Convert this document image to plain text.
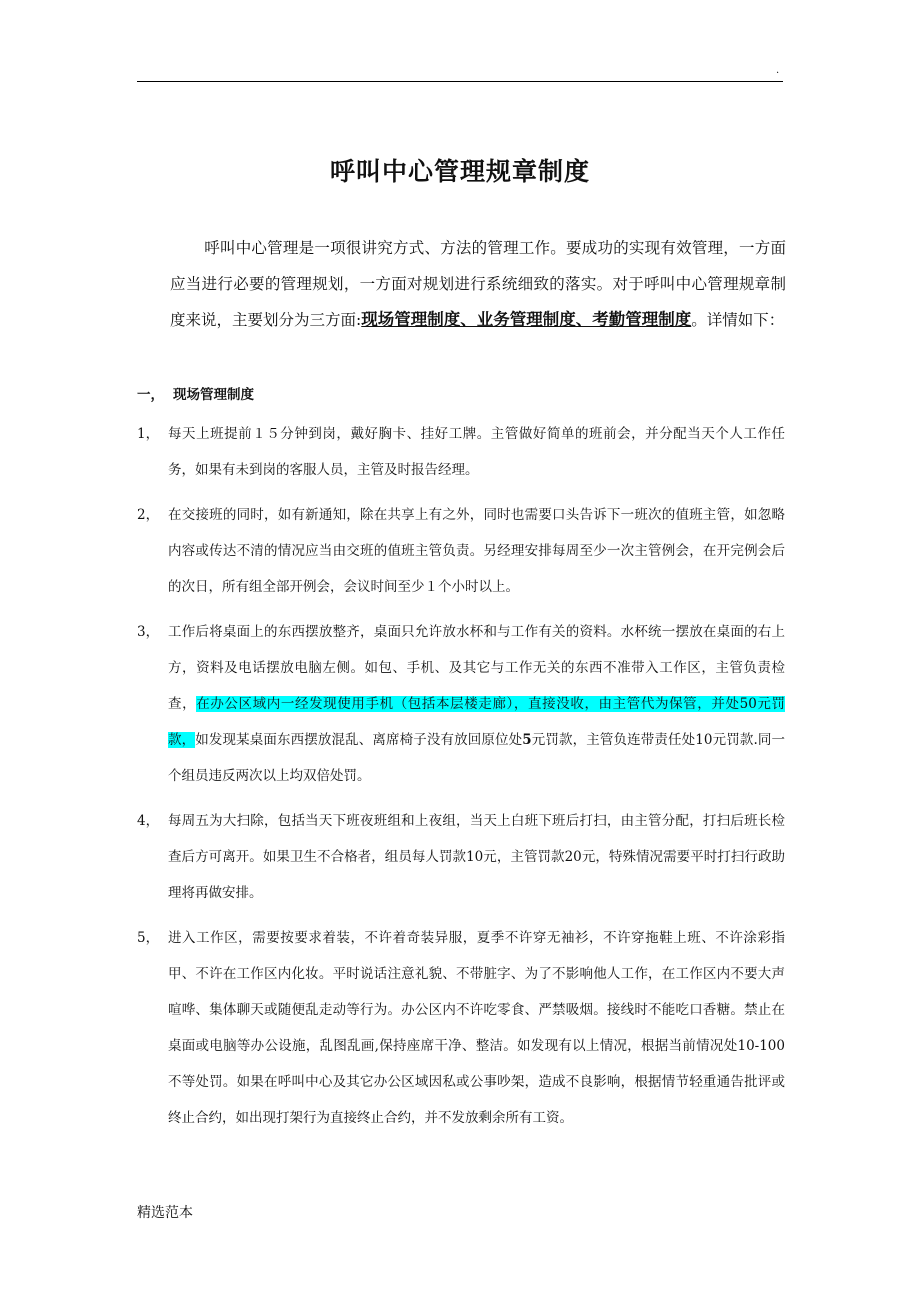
.
呼叫中心管理规章制度
呼叫中心管理是一项很讲究方式、方法的管理工作。要成功的实现有效管理，一方面应当进行必要的管理规划，一方面对规划进行系统细致的落实。对于呼叫中心管理规章制度来说，主要划分为三方面:现场管理制度、业务管理制度、考勤管理制度。详情如下：
一， 现场管理制度
1， 每天上班提前１５分钟到岗，戴好胸卡、挂好工牌。主管做好简单的班前会，并分配当天个人工作任务，如果有未到岗的客服人员，主管及时报告经理。
2， 在交接班的同时，如有新通知，除在共享上有之外，同时也需要口头告诉下一班次的值班主管，如忽略内容或传达不清的情况应当由交班的值班主管负责。另经理安排每周至少一次主管例会，在开完例会后的次日，所有组全部开例会，会议时间至少１个小时以上。
3， 工作后将桌面上的东西摆放整齐，桌面只允许放水杯和与工作有关的资料。水杯统一摆放在桌面的右上方，资料及电话摆放电脑左侧。如包、手机、及其它与工作无关的东西不准带入工作区，主管负责检查，在办公区域内一经发现使用手机（包括本层楼走廊），直接没收，由主管代为保管，并处50元罚款，如发现某桌面东西摆放混乱、离席椅子没有放回原位处5元罚款，主管负连带责任处10元罚款.同一个组员违反两次以上均双倍处罚。
4， 每周五为大扫除，包括当天下班夜班组和上夜组，当天上白班下班后打扫，由主管分配，打扫后班长检查后方可离开。如果卫生不合格者，组员每人罚款10元，主管罚款20元，特殊情况需要平时打扫行政助理将再做安排。
5， 进入工作区，需要按要求着装，不许着奇装异服，夏季不许穿无袖衫，不许穿拖鞋上班、不许涂彩指甲、不许在工作区内化妆。平时说话注意礼貌、不带脏字、为了不影响他人工作，在工作区内不要大声喧哗、集体聊天或随便乱走动等行为。办公区内不许吃零食、严禁吸烟。接线时不能吃口香糖。禁止在桌面或电脑等办公设施，乱图乱画,保持座席干净、整洁。如发现有以上情况，根据当前情况处10-100不等处罚。如果在呼叫中心及其它办公区域因私或公事吵架，造成不良影响，根据情节轻重通告批评或终止合约，如出现打架行为直接终止合约，并不发放剩余所有工资。
精选范本
